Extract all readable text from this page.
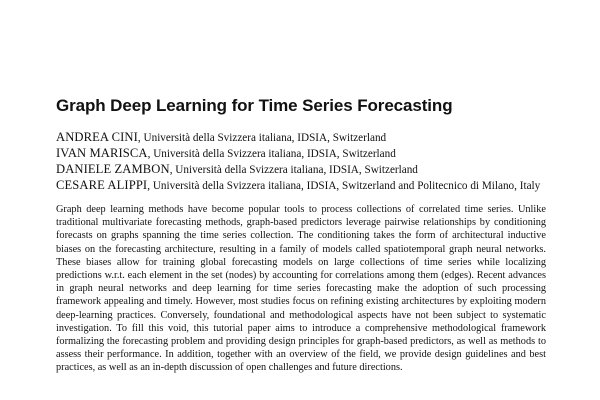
Graph Deep Learning for Time Series Forecasting
ANDREA CINI, Università della Svizzera italiana, IDSIA, Switzerland
IVAN MARISCA, Università della Svizzera italiana, IDSIA, Switzerland
DANIELE ZAMBON, Università della Svizzera italiana, IDSIA, Switzerland
CESARE ALIPPI, Università della Svizzera italiana, IDSIA, Switzerland and Politecnico di Milano, Italy

Graph deep learning methods have become popular tools to process collections of correlated time series. Unlike traditional multivariate forecasting methods, graph-based predictors leverage pairwise relationships by conditioning forecasts on graphs spanning the time series collection. The conditioning takes the form of architectural inductive biases on the forecasting architecture, resulting in a family of models called spatiotemporal graph neural networks. These biases allow for training global forecasting models on large collections of time series while localizing predictions w.r.t. each element in the set (nodes) by accounting for correlations among them (edges). Recent advances in graph neural networks and deep learning for time series forecasting make the adoption of such processing framework appealing and timely. However, most studies focus on refining existing architectures by exploiting modern deep-learning practices. Conversely, foundational and methodological aspects have not been subject to systematic investigation. To fill this void, this tutorial paper aims to introduce a comprehensive methodological framework formalizing the forecasting problem and providing design principles for graph-based predictors, as well as methods to assess their performance. In addition, together with an overview of the field, we provide design guidelines and best practices, as well as an in-depth discussion of open challenges and future directions.
